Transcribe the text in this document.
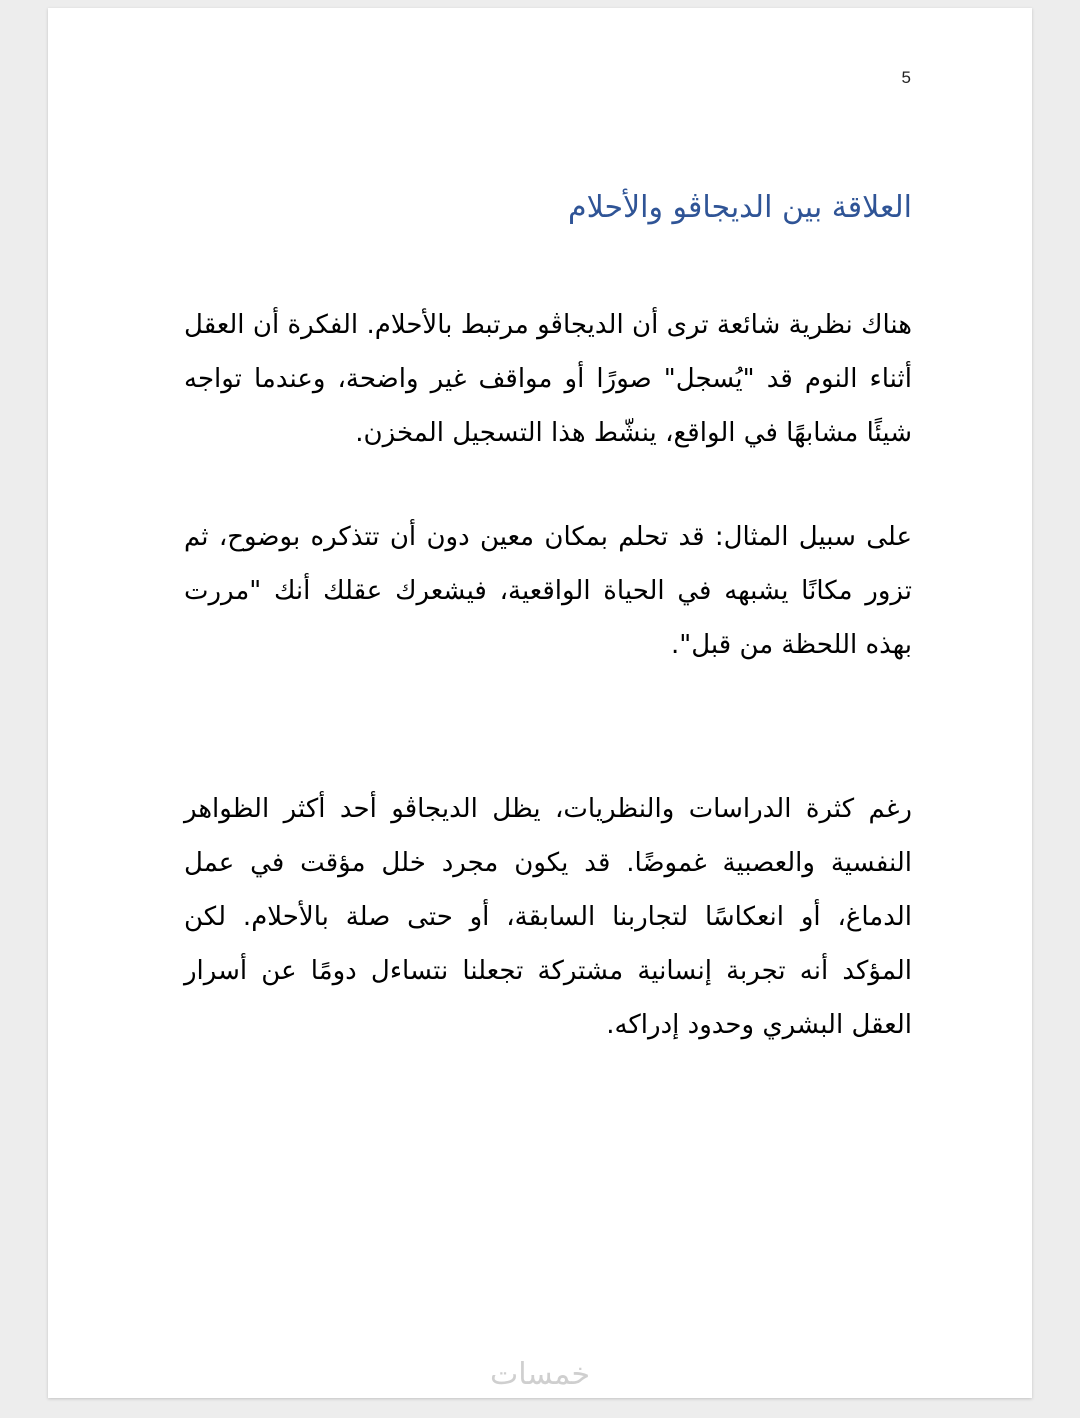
5
العلاقة بين الديجاڤو والأحلام

هناك نظرية شائعة ترى أن الديجاڤو مرتبط بالأحلام. الفكرة أن العقل أثناء النوم قد "يُسجل" صورًا أو مواقف غير واضحة، وعندما تواجه شيئًا مشابهًا في الواقع، ينشّط هذا التسجيل المخزن.

على سبيل المثال: قد تحلم بمكان معين دون أن تتذكره بوضوح، ثم تزور مكانًا يشبهه في الحياة الواقعية، فيشعرك عقلك أنك "مررت بهذه اللحظة من قبل".

رغم كثرة الدراسات والنظريات، يظل الديجاڤو أحد أكثر الظواهر النفسية والعصبية غموضًا. قد يكون مجرد خلل مؤقت في عمل الدماغ، أو انعكاسًا لتجاربنا السابقة، أو حتى صلة بالأحلام. لكن المؤكد أنه تجربة إنسانية مشتركة تجعلنا نتساءل دومًا عن أسرار العقل البشري وحدود إدراكه.

خمسات
